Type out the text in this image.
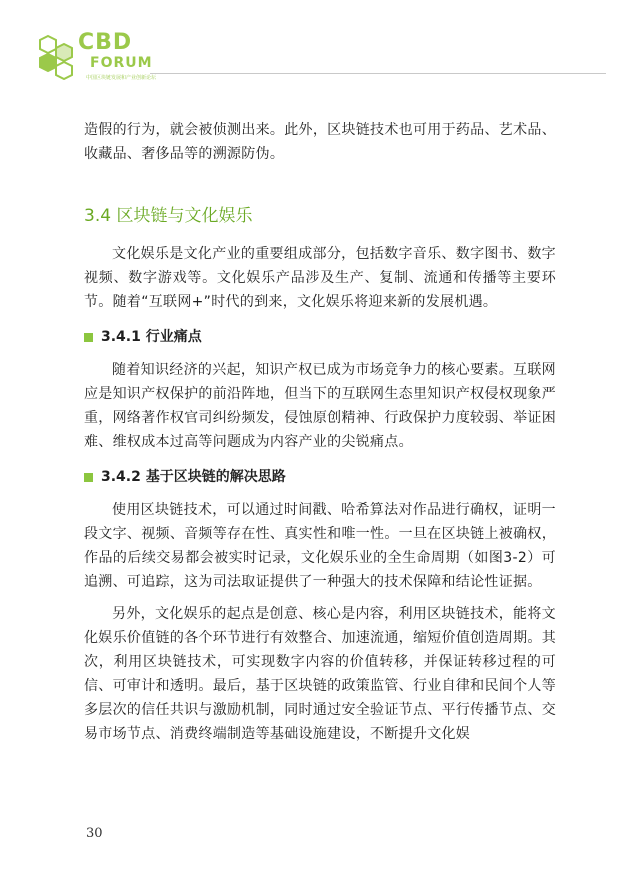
CBD
FORUM
中国区块链发展和产业创新论坛

造假的行为，就会被侦测出来。此外，区块链技术也可用于药品、艺术品、收藏品、奢侈品等的溯源防伪。

3.4 区块链与文化娱乐

文化娱乐是文化产业的重要组成部分，包括数字音乐、数字图书、数字视频、数字游戏等。文化娱乐产品涉及生产、复制、流通和传播等主要环节。随着“互联网+”时代的到来，文化娱乐将迎来新的发展机遇。

3.4.1 行业痛点

随着知识经济的兴起，知识产权已成为市场竞争力的核心要素。互联网应是知识产权保护的前沿阵地，但当下的互联网生态里知识产权侵权现象严重，网络著作权官司纠纷频发，侵蚀原创精神、行政保护力度较弱、举证困难、维权成本过高等问题成为内容产业的尖锐痛点。

3.4.2 基于区块链的解决思路

使用区块链技术，可以通过时间戳、哈希算法对作品进行确权，证明一段文字、视频、音频等存在性、真实性和唯一性。一旦在区块链上被确权，作品的后续交易都会被实时记录，文化娱乐业的全生命周期（如图3-2）可追溯、可追踪，这为司法取证提供了一种强大的技术保障和结论性证据。

另外，文化娱乐的起点是创意、核心是内容，利用区块链技术，能将文化娱乐价值链的各个环节进行有效整合、加速流通，缩短价值创造周期。其次，利用区块链技术，可实现数字内容的价值转移，并保证转移过程的可信、可审计和透明。最后，基于区块链的政策监管、行业自律和民间个人等多层次的信任共识与激励机制，同时通过安全验证节点、平行传播节点、交易市场节点、消费终端制造等基础设施建设，不断提升文化娱

30
